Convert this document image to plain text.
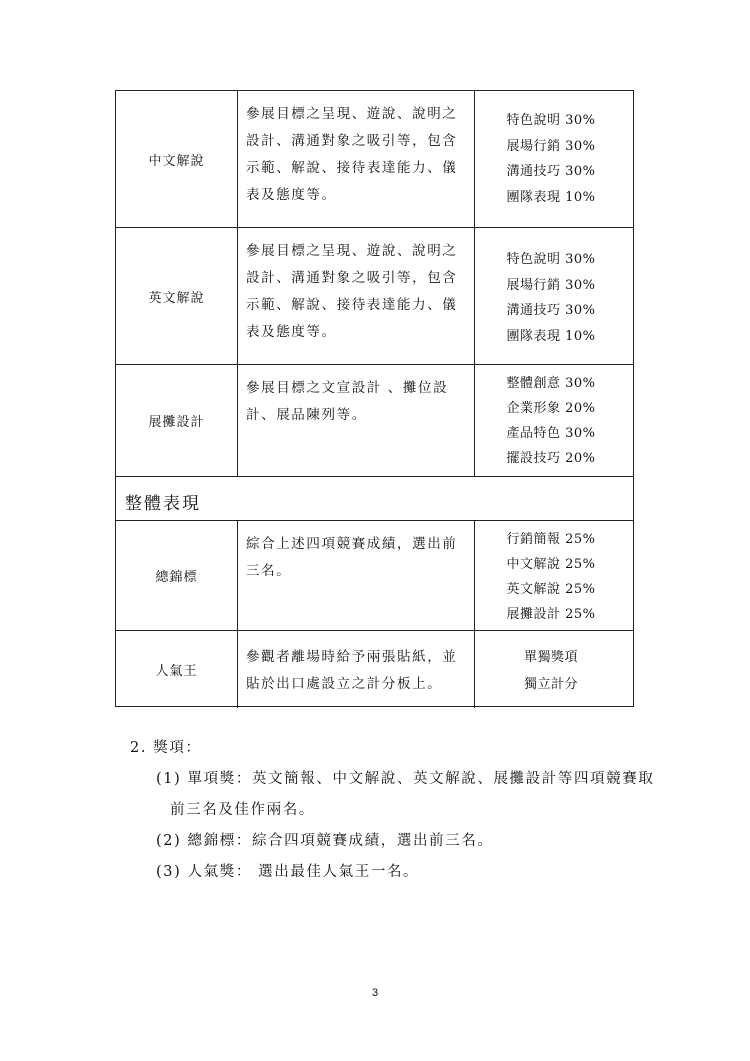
中文解說
參展目標之呈現、遊說、說明之設計、溝通對象之吸引等，包含示範、解說、接待表達能力、儀表及態度等。
特色說明 30%
展場行銷 30%
溝通技巧 30%
團隊表現 10%
英文解說
參展目標之呈現、遊說、說明之設計、溝通對象之吸引等，包含示範、解說、接待表達能力、儀表及態度等。
特色說明 30%
展場行銷 30%
溝通技巧 30%
團隊表現 10%
展攤設計
參展目標之文宣設計 、攤位設計、展品陳列等。
整體創意 30%
企業形象 20%
產品特色 30%
擺設技巧 20%
整體表現
總錦標
綜合上述四項競賽成績，選出前三名。
行銷簡報 25%
中文解說 25%
英文解說 25%
展攤設計 25%
人氣王
參觀者離場時給予兩張貼紙，並貼於出口處設立之計分板上。
單獨獎項
獨立計分
2. 獎項：
(1) 單項獎：英文簡報、中文解說、英文解說、展攤設計等四項競賽取
前三名及佳作兩名。
(2) 總錦標：綜合四項競賽成績，選出前三名。
(3) 人氣獎： 選出最佳人氣王一名。
3
